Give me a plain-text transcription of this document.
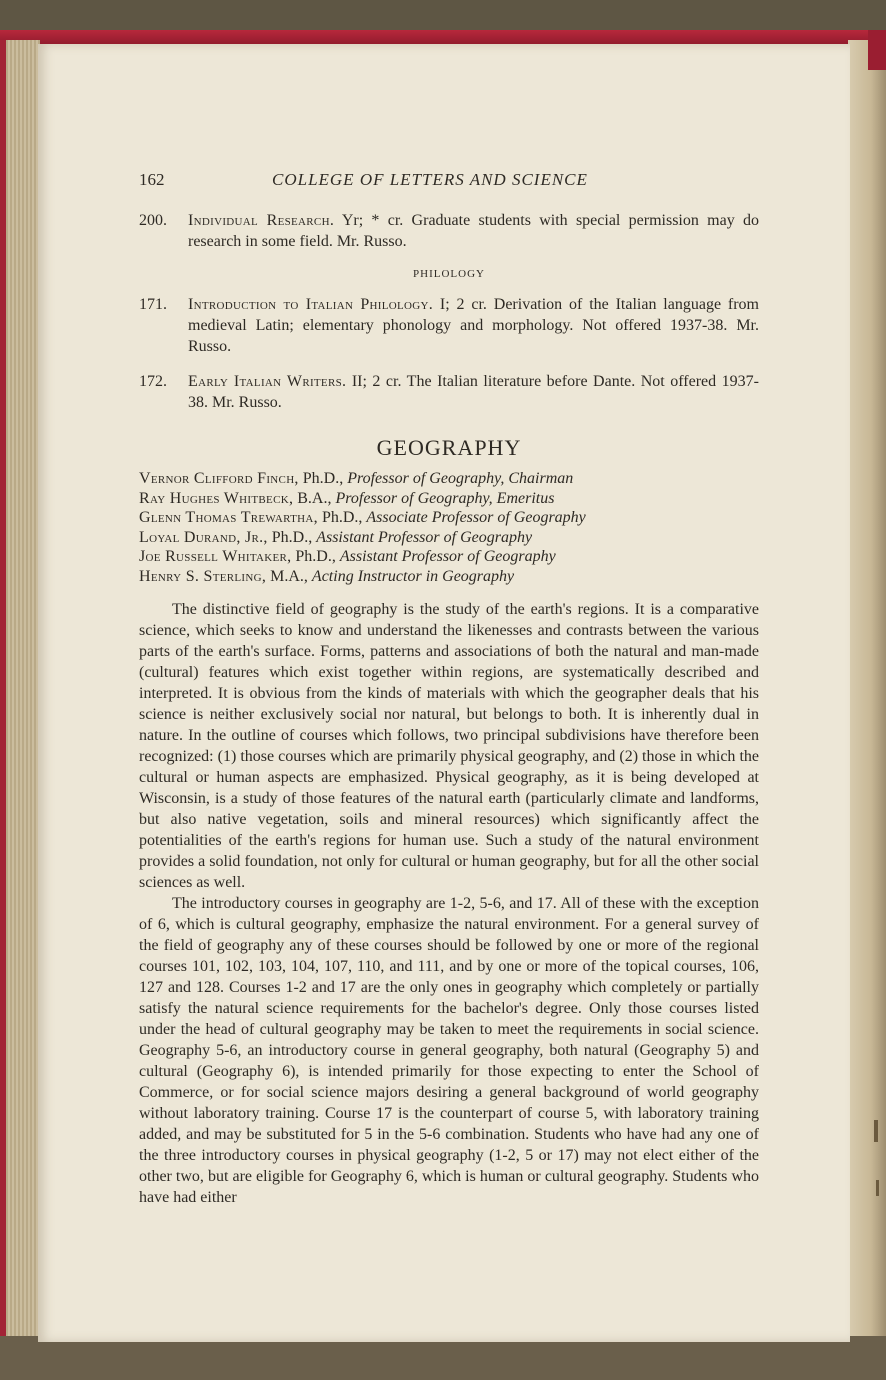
162	COLLEGE OF LETTERS AND SCIENCE
200. Individual Research. Yr; * cr. Graduate students with special permission may do research in some field. Mr. Russo.
PHILOLOGY
171. Introduction to Italian Philology. I; 2 cr. Derivation of the Italian language from medieval Latin; elementary phonology and morphology. Not offered 1937-38. Mr. Russo.
172. Early Italian Writers. II; 2 cr. The Italian literature before Dante. Not offered 1937-38. Mr. Russo.
GEOGRAPHY
Vernor Clifford Finch, Ph.D., Professor of Geography, Chairman
Ray Hughes Whitbeck, B.A., Professor of Geography, Emeritus
Glenn Thomas Trewartha, Ph.D., Associate Professor of Geography
Loyal Durand, Jr., Ph.D., Assistant Professor of Geography
Joe Russell Whitaker, Ph.D., Assistant Professor of Geography
Henry S. Sterling, M.A., Acting Instructor in Geography

The distinctive field of geography is the study of the earth's regions. It is a comparative science, which seeks to know and understand the likenesses and contrasts between the various parts of the earth's surface. Forms, patterns and associations of both the natural and man-made (cultural) features which exist together within regions, are systematically described and interpreted. It is obvious from the kinds of materials with which the geographer deals that his science is neither exclusively social nor natural, but belongs to both. It is inherently dual in nature. In the outline of courses which follows, two principal subdivisions have therefore been recognized: (1) those courses which are primarily physical geography, and (2) those in which the cultural or human aspects are emphasized. Physical geography, as it is being developed at Wisconsin, is a study of those features of the natural earth (particularly climate and landforms, but also native vegetation, soils and mineral resources) which significantly affect the potentialities of the earth's regions for human use. Such a study of the natural environment provides a solid foundation, not only for cultural or human geography, but for all the other social sciences as well.

The introductory courses in geography are 1-2, 5-6, and 17. All of these with the exception of 6, which is cultural geography, emphasize the natural environment. For a general survey of the field of geography any of these courses should be followed by one or more of the regional courses 101, 102, 103, 104, 107, 110, and 111, and by one or more of the topical courses, 106, 127 and 128. Courses 1-2 and 17 are the only ones in geography which completely or partially satisfy the natural science requirements for the bachelor's degree. Only those courses listed under the head of cultural geography may be taken to meet the requirements in social science. Geography 5-6, an introductory course in general geography, both natural (Geography 5) and cultural (Geography 6), is intended primarily for those expecting to enter the School of Commerce, or for social science majors desiring a general background of world geography without laboratory training. Course 17 is the counterpart of course 5, with laboratory training added, and may be substituted for 5 in the 5-6 combination. Students who have had any one of the three introductory courses in physical geography (1-2, 5 or 17) may not elect either of the other two, but are eligible for Geography 6, which is human or cultural geography. Students who have had either
